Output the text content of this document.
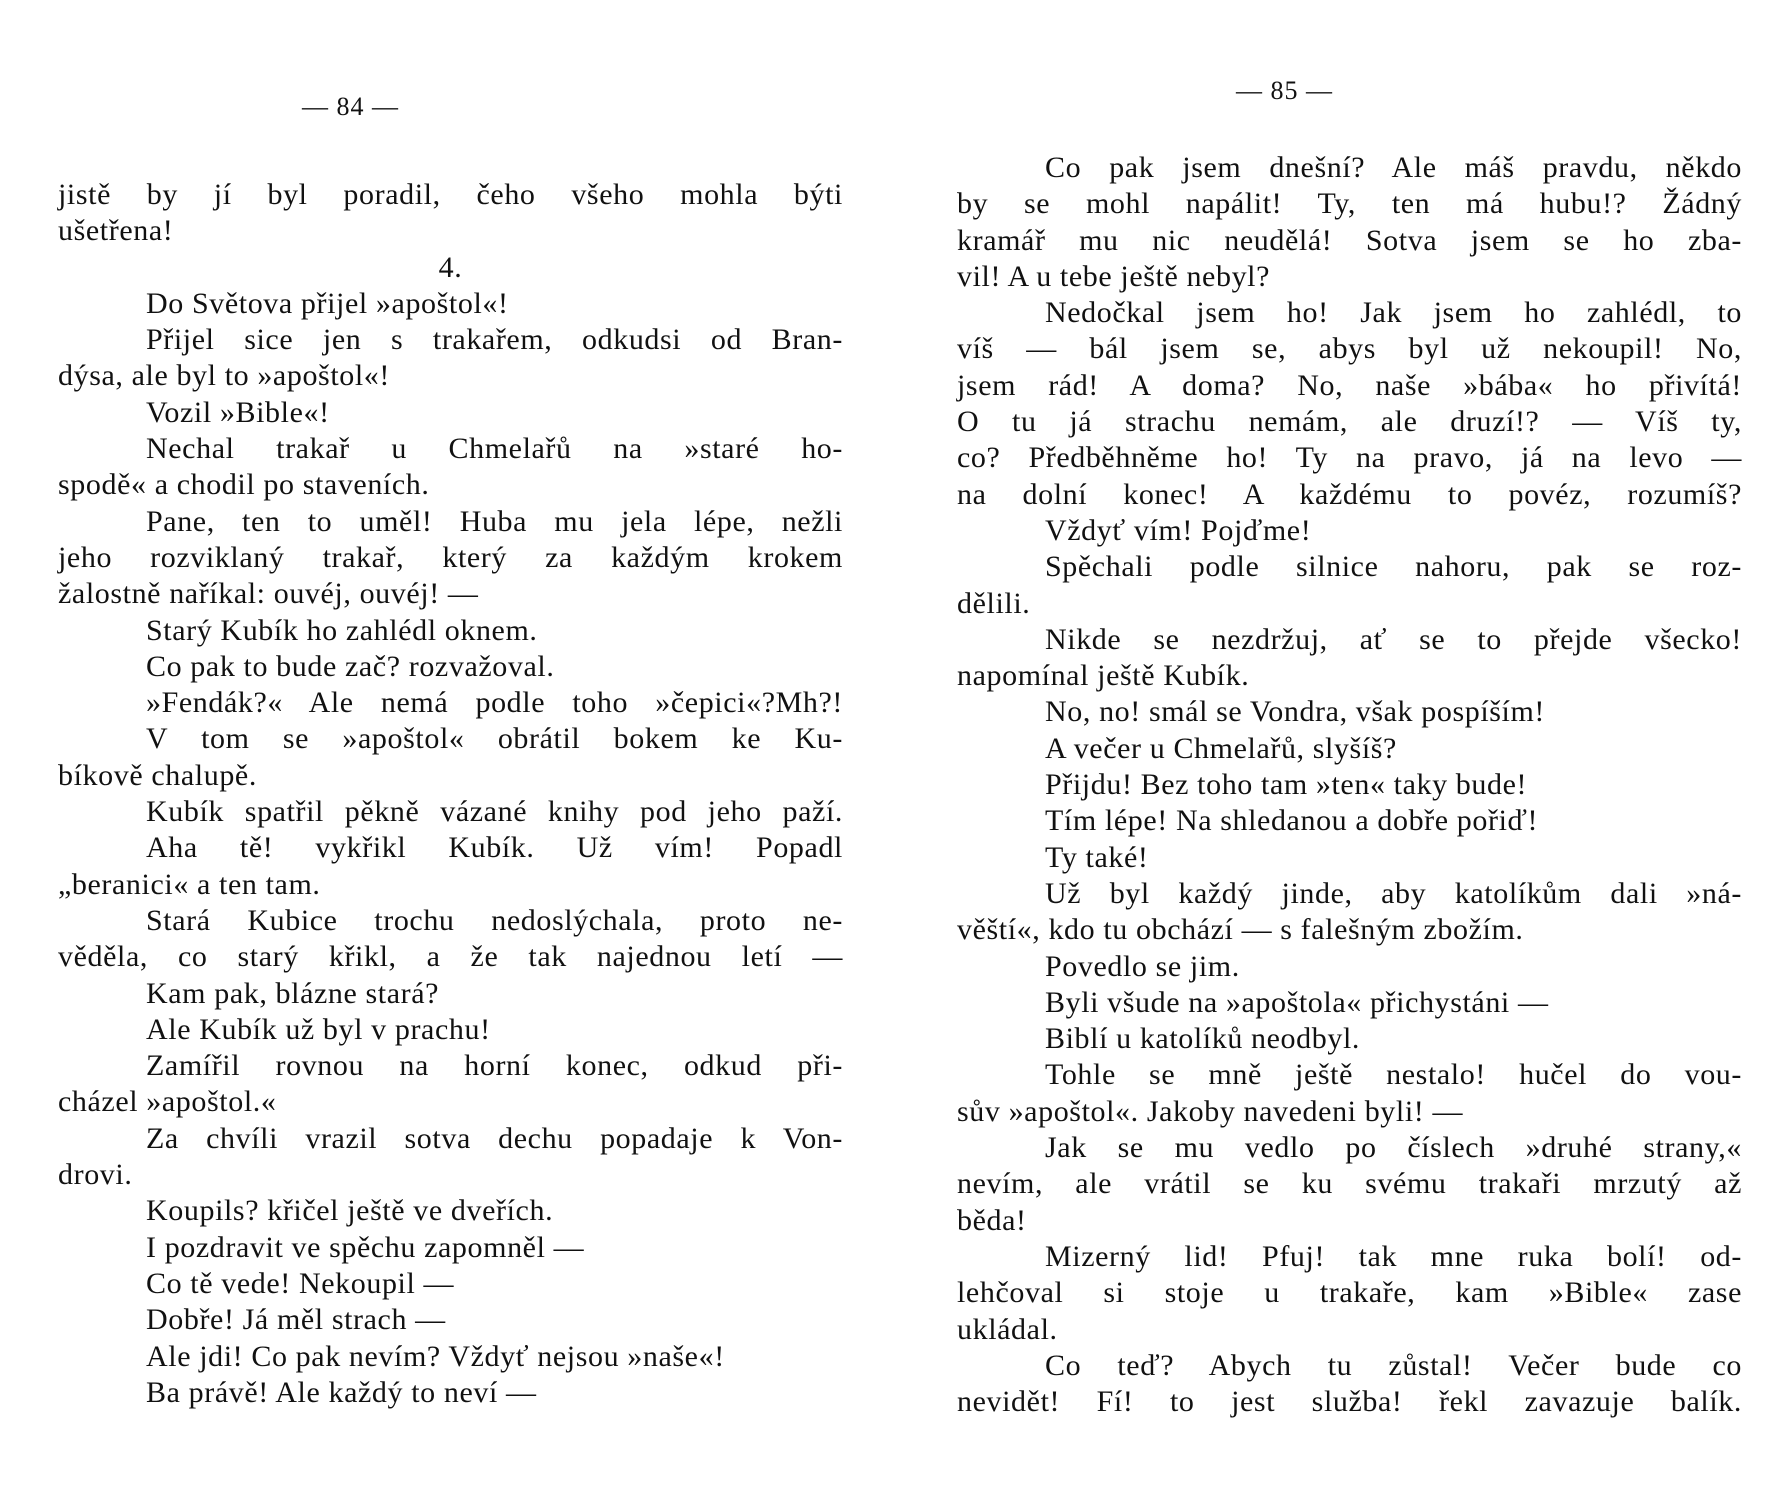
— 84 —
jistě by jí byl poradil, čeho všeho mohla býti
ušetřena!
4.
Do Světova přijel »apoštol«!
Přijel sice jen s trakařem, odkudsi od Bran-
dýsa, ale byl to »apoštol«!
Vozil »Bible«!
Nechal trakař u Chmelařů na »staré ho-
spodě« a chodil po staveních.
Pane, ten to uměl! Huba mu jela lépe, nežli
jeho rozviklaný trakař, který za každým krokem
žalostně naříkal: ouvéj, ouvéj! —
Starý Kubík ho zahlédl oknem.
Co pak to bude zač? rozvažoval.
»Fendák?« Ale nemá podle toho »čepici«?Mh?!
V tom se »apoštol« obrátil bokem ke Ku-
bíkově chalupě.
Kubík spatřil pěkně vázané knihy pod jeho paží.
Aha tě! vykřikl Kubík. Už vím! Popadl
„beranici« a ten tam.
Stará Kubice trochu nedoslýchala, proto ne-
věděla, co starý křikl, a že tak najednou letí —
Kam pak, blázne stará?
Ale Kubík už byl v prachu!
Zamířil rovnou na horní konec, odkud při-
cházel »apoštol.«
Za chvíli vrazil sotva dechu popadaje k Von-
drovi.
Koupils? křičel ještě ve dveřích.
I pozdravit ve spěchu zapomněl —
Co tě vede! Nekoupil —
Dobře! Já měl strach —
Ale jdi! Co pak nevím? Vždyť nejsou »naše«!
Ba právě! Ale každý to neví —
— 85 —
Co pak jsem dnešní? Ale máš pravdu, někdo
by se mohl napálit! Ty, ten má hubu!? Žádný
kramář mu nic neudělá! Sotva jsem se ho zba-
vil! A u tebe ještě nebyl?
Nedočkal jsem ho! Jak jsem ho zahlédl, to
víš — bál jsem se, abys byl už nekoupil! No,
jsem rád! A doma? No, naše »bába« ho přivítá!
O tu já strachu nemám, ale druzí!? — Víš ty,
co? Předběhněme ho! Ty na pravo, já na levo —
na dolní konec! A každému to povéz, rozumíš?
Vždyť vím! Pojďme!
Spěchali podle silnice nahoru, pak se roz-
dělili.
Nikde se nezdržuj, ať se to přejde všecko!
napomínal ještě Kubík.
No, no! smál se Vondra, však pospíším!
A večer u Chmelařů, slyšíš?
Přijdu! Bez toho tam »ten« taky bude!
Tím lépe! Na shledanou a dobře pořiď!
Ty také!
Už byl každý jinde, aby katolíkům dali »ná-
věští«, kdo tu obchází — s falešným zbožím.
Povedlo se jim.
Byli všude na »apoštola« přichystáni —
Biblí u katolíků neodbyl.
Tohle se mně ještě nestalo! hučel do vou-
sův »apoštol«. Jakoby navedeni byli! —
Jak se mu vedlo po číslech »druhé strany,«
nevím, ale vrátil se ku svému trakaři mrzutý až
běda!
Mizerný lid! Pfuj! tak mne ruka bolí! od-
lehčoval si stoje u trakaře, kam »Bible« zase
ukládal.
Co teď? Abych tu zůstal! Večer bude co
nevidět! Fí! to jest služba! řekl zavazuje balík.
